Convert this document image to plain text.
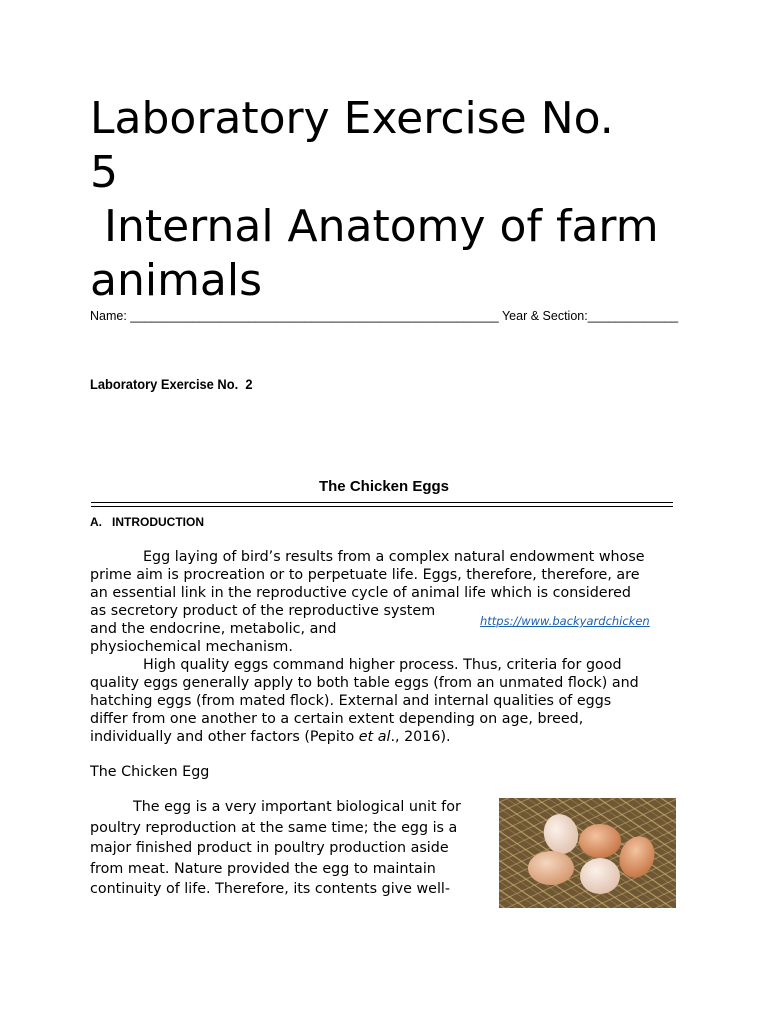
Laboratory Exercise No.
5
Internal Anatomy of farm
animals
Name: _____________________________________________________ Year & Section:_____________
Laboratory Exercise No.  2
The Chicken Eggs
A. INTRODUCTION
Egg laying of bird’s results from a complex natural endowment whose
prime aim is procreation or to perpetuate life. Eggs, therefore, therefore, are
an essential link in the reproductive cycle of animal life which is considered
as secretory product of the reproductive system
and the endocrine, metabolic, and
physiochemical mechanism.
https://www.backyardchicken
High quality eggs command higher process. Thus, criteria for good
quality eggs generally apply to both table eggs (from an unmated flock) and
hatching eggs (from mated flock). External and internal qualities of eggs
differ from one another to a certain extent depending on age, breed,
individually and other factors (Pepito et al., 2016).
The Chicken Egg
The egg is a very important biological unit for
poultry reproduction at the same time; the egg is a
major finished product in poultry production aside
from meat. Nature provided the egg to maintain
continuity of life. Therefore, its contents give well-
